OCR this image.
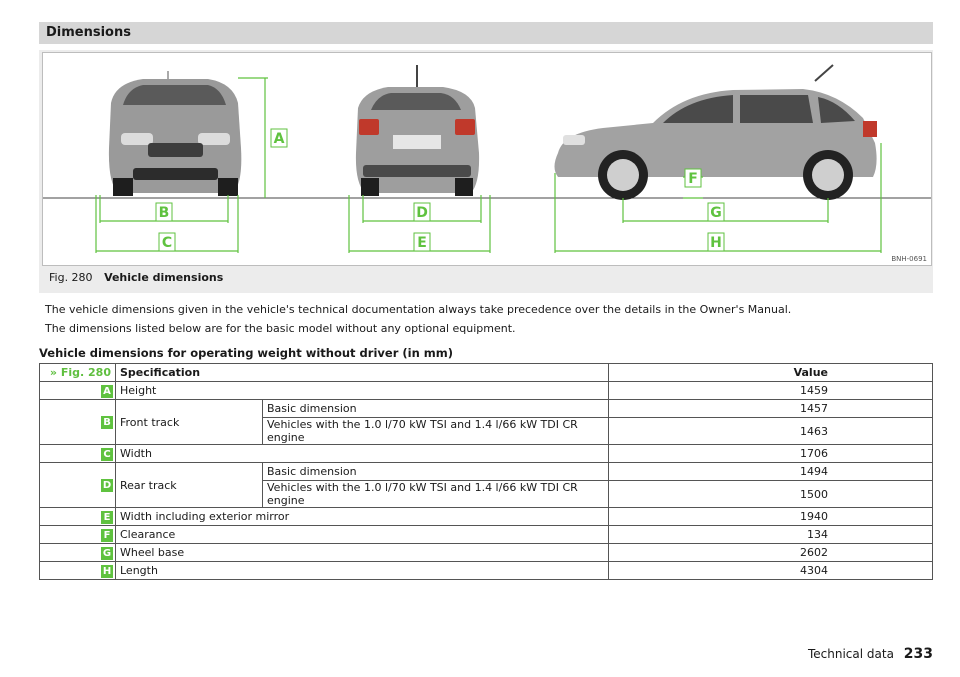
Dimensions
A
B
C
D
E
F
G
H
BNH-0691
Fig. 280 Vehicle dimensions
The vehicle dimensions given in the vehicle's technical documentation always take precedence over the details in the Owner's Manual.
The dimensions listed below are for the basic model without any optional equipment.
Vehicle dimensions for operating weight without driver (in mm)
» Fig. 280	Specification		Value
A	Height		1459
B	Front track	Basic dimension	1457
		Vehicles with the 1.0 l/70 kW TSI and 1.4 l/66 kW TDI CR engine	1463
C	Width		1706
D	Rear track	Basic dimension	1494
		Vehicles with the 1.0 l/70 kW TSI and 1.4 l/66 kW TDI CR engine	1500
E	Width including exterior mirror		1940
F	Clearance		134
G	Wheel base		2602
H	Length		4304
Technical data 233
